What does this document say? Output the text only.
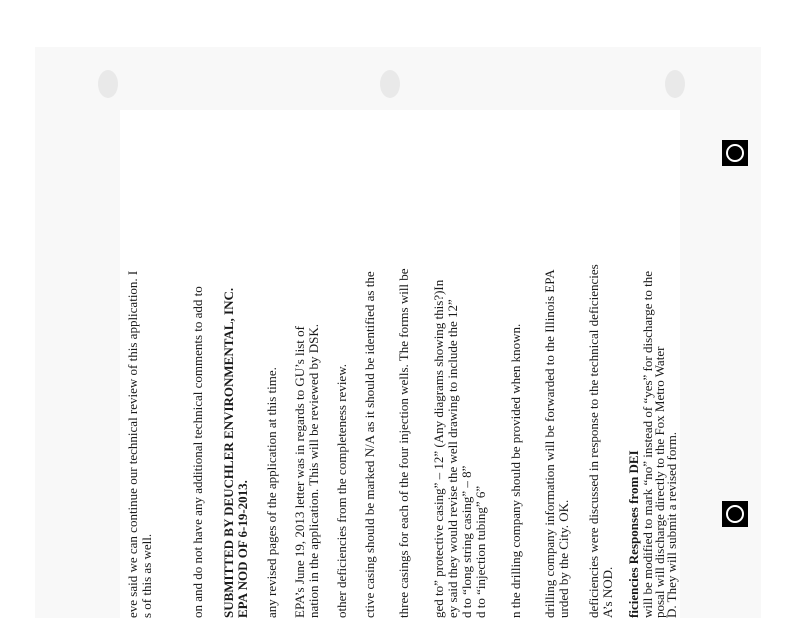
eve said we can continue our technical review of this application. I s of this as well.	on and do not have any additional technical comments to add to SUBMITTED BY DEUCHLER ENVIRONMENTAL, INC. EPA NOD OF 6-19-2013. any revised pages of the application at this time. EPA’s June 19, 2013 letter was in regards to GU’s list of nation in the application. This will be reviewed by DSK. other deficiencies from the completeness review. ctive casing should be marked N/A as it should be identified as the three casings for each of the four injection wells. The forms will be ged to” protective casing” – 12” (Any diagrams showing this?)In ey said they would revise the well drawing to include the 12” d to “long string casing” – 8” d to “injection tubing” 6” n the drilling company should be provided when known. drilling company information will be forwarded to the Illinois EPA urded by the City. OK. deficiencies were discussed in response to the technical deficiencies A’s NOD. ficiencies Responses from DEI will be modified to mark “no” instead of “yes” for discharge to the
posal will discharge directly to the Fox Metro Water
D. They will submit a revised form.
